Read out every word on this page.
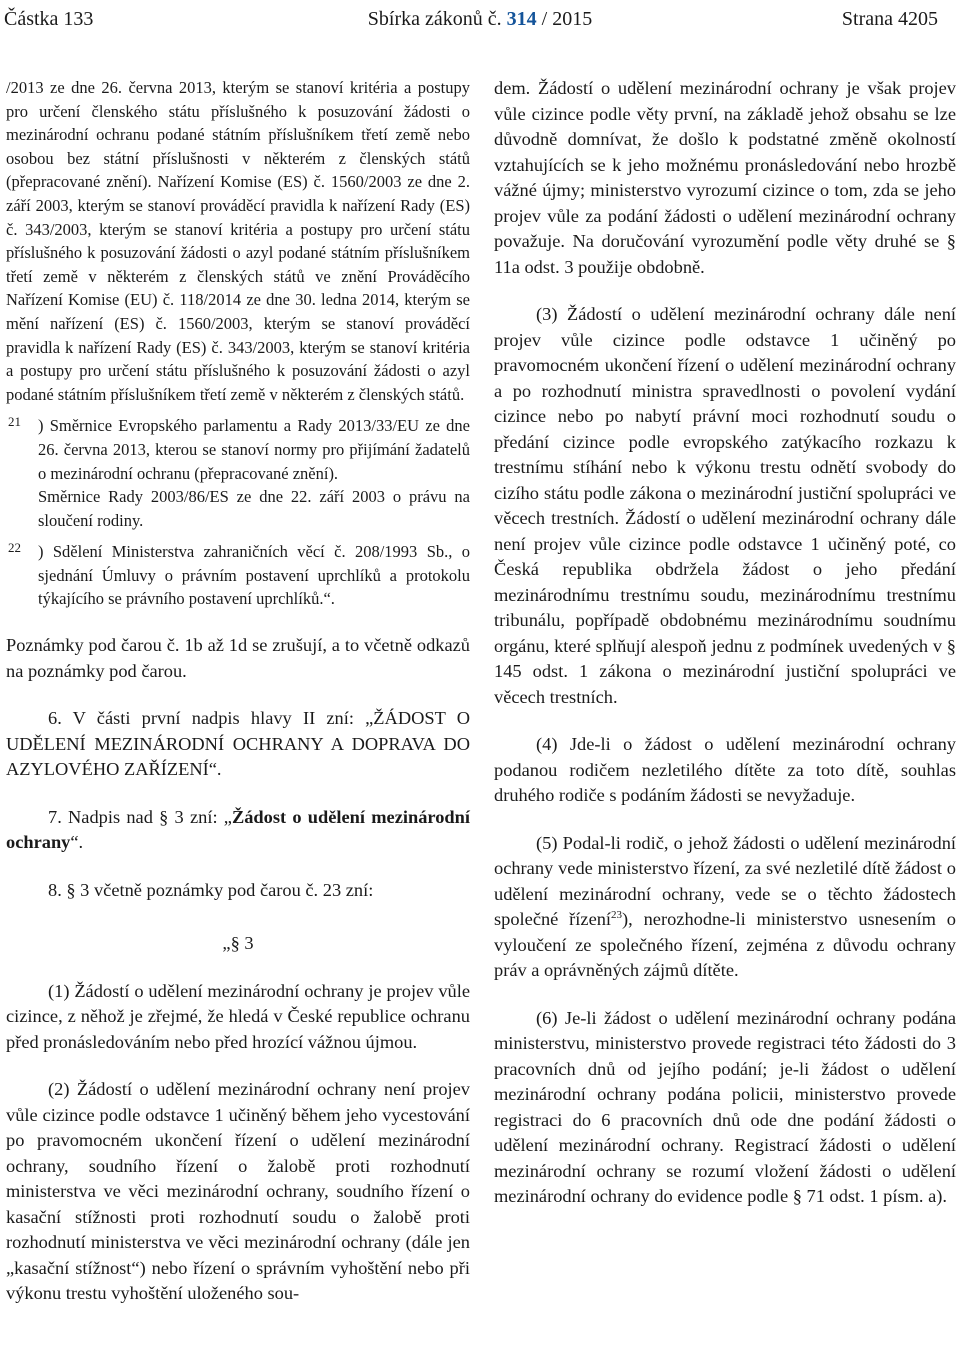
Částka 133	Sbírka zákonů č. 314 / 2015	Strana 4205

/2013 ze dne 26. června 2013, kterým se stanoví kritéria a postupy pro určení členského státu příslušného k posuzování žádosti o mezinárodní ochranu podané státním příslušníkem třetí země nebo osobou bez státní příslušnosti v některém z členských států (přepracované znění). Nařízení Komise (ES) č. 1560/2003 ze dne 2. září 2003, kterým se stanoví prováděcí pravidla k nařízení Rady (ES) č. 343/2003, kterým se stanoví kritéria a postupy pro určení státu příslušného k posuzování žádosti o azyl podané státním příslušníkem třetí země v některém z členských států ve znění Prováděcího Nařízení Komise (EU) č. 118/2014 ze dne 30. ledna 2014, kterým se mění nařízení (ES) č. 1560/2003, kterým se stanoví prováděcí pravidla k nařízení Rady (ES) č. 343/2003, kterým se stanoví kritéria a postupy pro určení státu příslušného k posuzování žádosti o azyl podané státním příslušníkem třetí země v některém z členských států.

21 ) Směrnice Evropského parlamentu a Rady 2013/33/EU ze dne 26. června 2013, kterou se stanoví normy pro přijímání žadatelů o mezinárodní ochranu (přepracované znění).

Směrnice Rady 2003/86/ES ze dne 22. září 2003 o právu na sloučení rodiny.

22 ) Sdělení Ministerstva zahraničních věcí č. 208/1993 Sb., o sjednání Úmluvy o právním postavení uprchlíků a protokolu týkajícího se právního postavení uprchlíků.“.

Poznámky pod čarou č. 1b až 1d se zrušují, a to včetně odkazů na poznámky pod čarou.

6. V části první nadpis hlavy II zní: „ŽÁDOST O UDĚLENÍ MEZINÁRODNÍ OCHRANY A DOPRAVA DO AZYLOVÉHO ZAŘÍZENÍ“.

7. Nadpis nad § 3 zní: „Žádost o udělení mezinárodní ochrany“.

8. § 3 včetně poznámky pod čarou č. 23 zní:

„§ 3

(1) Žádostí o udělení mezinárodní ochrany je projev vůle cizince, z něhož je zřejmé, že hledá v České republice ochranu před pronásledováním nebo před hrozící vážnou újmou.

(2) Žádostí o udělení mezinárodní ochrany není projev vůle cizince podle odstavce 1 učiněný během jeho vycestování po pravomocném ukončení řízení o udělení mezinárodní ochrany, soudního řízení o žalobě proti rozhodnutí ministerstva ve věci mezinárodní ochrany, soudního řízení o kasační stížnosti proti rozhodnutí soudu o žalobě proti rozhodnutí ministerstva ve věci mezinárodní ochrany (dále jen „kasační stížnost“) nebo řízení o správním vyhoštění nebo při výkonu trestu vyhoštění uloženého sou-

dem. Žádostí o udělení mezinárodní ochrany je však projev vůle cizince podle věty první, na základě jehož obsahu se lze důvodně domnívat, že došlo k podstatné změně okolností vztahujících se k jeho možnému pronásledování nebo hrozbě vážné újmy; ministerstvo vyrozumí cizince o tom, zda se jeho projev vůle za podání žádosti o udělení mezinárodní ochrany považuje. Na doručování vyrozumění podle věty druhé se § 11a odst. 3 použije obdobně.

(3) Žádostí o udělení mezinárodní ochrany dále není projev vůle cizince podle odstavce 1 učiněný po pravomocném ukončení řízení o udělení mezinárodní ochrany a po rozhodnutí ministra spravedlnosti o povolení vydání cizince nebo po nabytí právní moci rozhodnutí soudu o předání cizince podle evropského zatýkacího rozkazu k trestnímu stíhání nebo k výkonu trestu odnětí svobody do cizího státu podle zákona o mezinárodní justiční spolupráci ve věcech trestních. Žádostí o udělení mezinárodní ochrany dále není projev vůle cizince podle odstavce 1 učiněný poté, co Česká republika obdržela žádost o jeho předání mezinárodnímu trestnímu soudu, mezinárodnímu trestnímu tribunálu, popřípadě obdobnému mezinárodnímu soudnímu orgánu, které splňují alespoň jednu z podmínek uvedených v § 145 odst. 1 zákona o mezinárodní justiční spolupráci ve věcech trestních.

(4) Jde-li o žádost o udělení mezinárodní ochrany podanou rodičem nezletilého dítěte za toto dítě, souhlas druhého rodiče s podáním žádosti se nevyžaduje.

(5) Podal-li rodič, o jehož žádosti o udělení mezinárodní ochrany vede ministerstvo řízení, za své nezletilé dítě žádost o udělení mezinárodní ochrany, vede se o těchto žádostech společné řízení$^{23}$), nerozhodne-li ministerstvo usnesením o vyloučení ze společného řízení, zejména z důvodu ochrany práv a oprávněných zájmů dítěte.

(6) Je-li žádost o udělení mezinárodní ochrany podána ministerstvu, ministerstvo provede registraci této žádosti do 3 pracovních dnů od jejího podání; je-li žádost o udělení mezinárodní ochrany podána policii, ministerstvo provede registraci do 6 pracovních dnů ode dne podání žádosti o udělení mezinárodní ochrany. Registrací žádosti o udělení mezinárodní ochrany se rozumí vložení žádosti o udělení mezinárodní ochrany do evidence podle § 71 odst. 1 písm. a).
